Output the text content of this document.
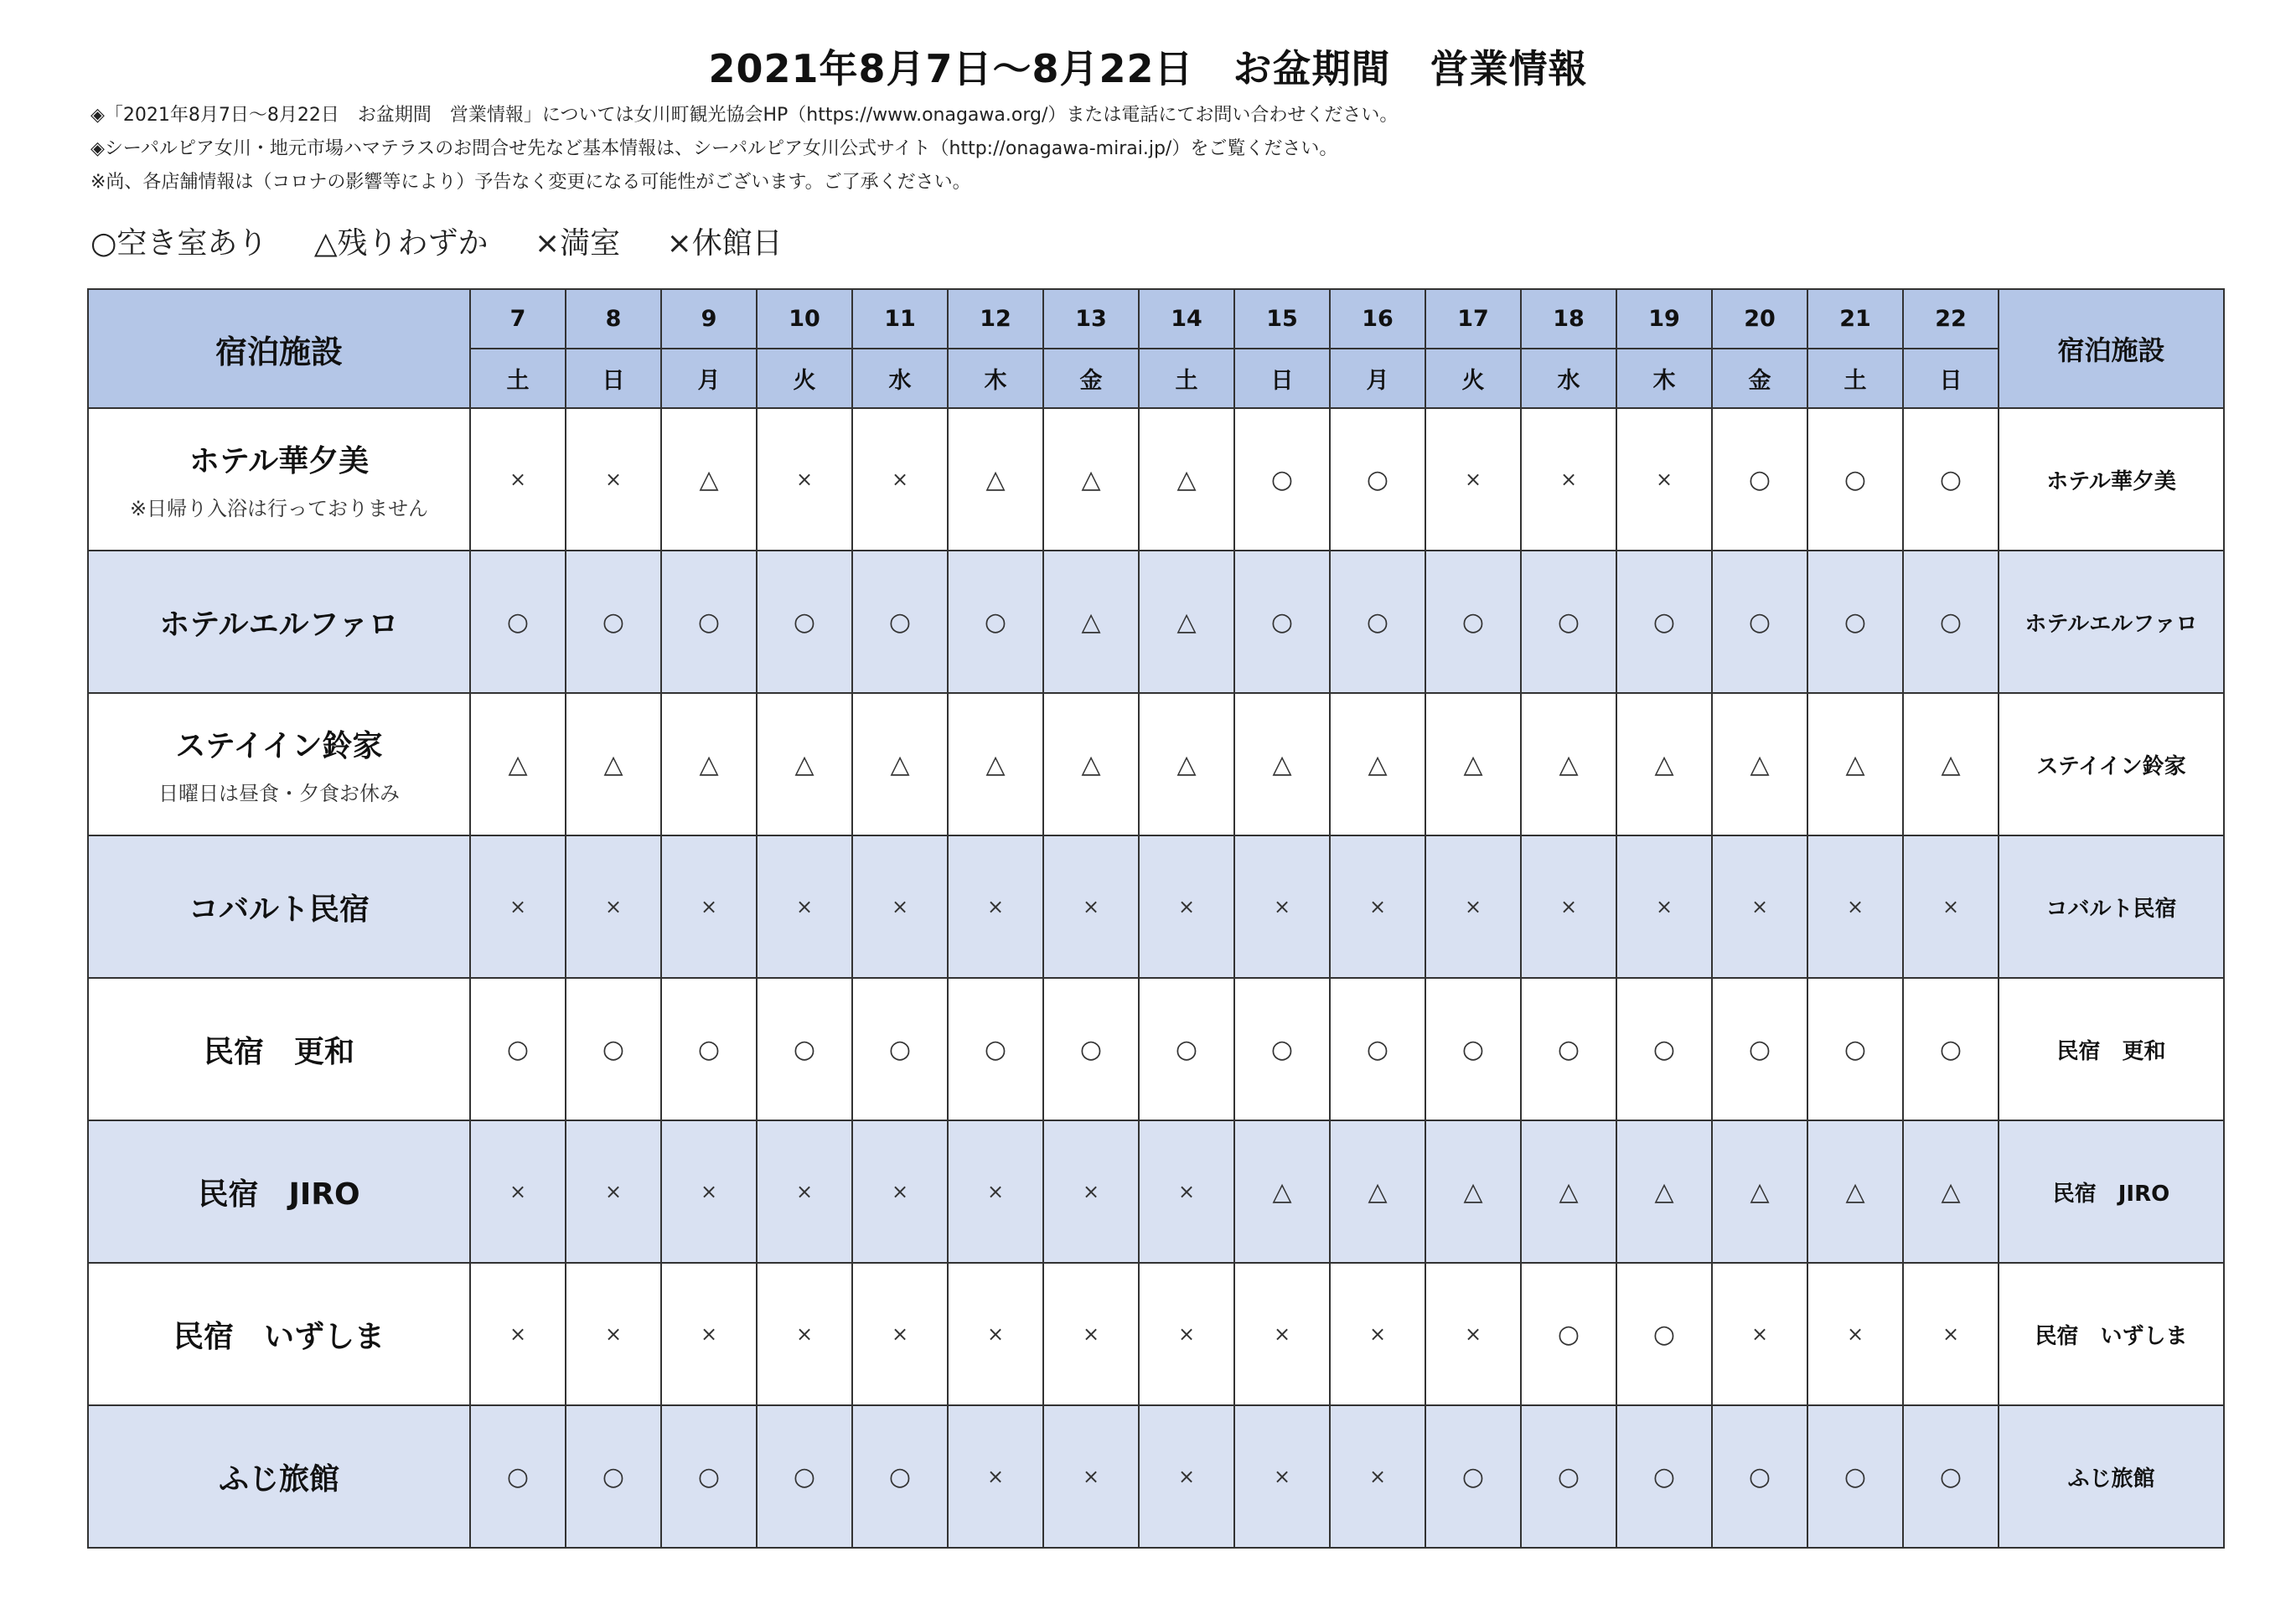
2021年8月7日～8月22日　お盆期間　営業情報
◈「2021年8月7日～8月22日　お盆期間　営業情報」については女川町観光協会HP（https://www.onagawa.org/）または電話にてお問い合わせください。
◈シーパルピア女川・地元市場ハマテラスのお問合せ先など基本情報は、シーパルピア女川公式サイト（http://onagawa-mirai.jp/）をご覧ください。
※尚、各店舗情報は（コロナの影響等により）予告なく変更になる可能性がございます。ご了承ください。
○空き室あり △残りわずか ×満室 ×休館日
宿泊施設	7	8	9	10	11	12	13	14	15	16	17	18	19	20	21	22	宿泊施設
	土	日	月	火	水	木	金	土	日	月	火	水	木	金	土	日	

ホテル華夕美
※日帰り入浴は行っておりません	×	×	△	×	×	△	△	△	○	○	×	×	×	○	○	○	ホテル華夕美

ホテルエルファロ	○	○	○	○	○	○	△	△	○	○	○	○	○	○	○	○	ホテルエルファロ

ステイイン鈴家
日曜日は昼食・夕食お休み	△	△	△	△	△	△	△	△	△	△	△	△	△	△	△	△	ステイイン鈴家

コバルト民宿	×	×	×	×	×	×	×	×	×	×	×	×	×	×	×	×	コバルト民宿

民宿　更和	○	○	○	○	○	○	○	○	○	○	○	○	○	○	○	○	民宿　更和

民宿　JIRO	×	×	×	×	×	×	×	×	△	△	△	△	△	△	△	△	民宿　JIRO

民宿　いずしま	×	×	×	×	×	×	×	×	×	×	×	○	○	×	×	×	民宿　いずしま

ふじ旅館	○	○	○	○	○	×	×	×	×	×	○	○	○	○	○	○	ふじ旅館
